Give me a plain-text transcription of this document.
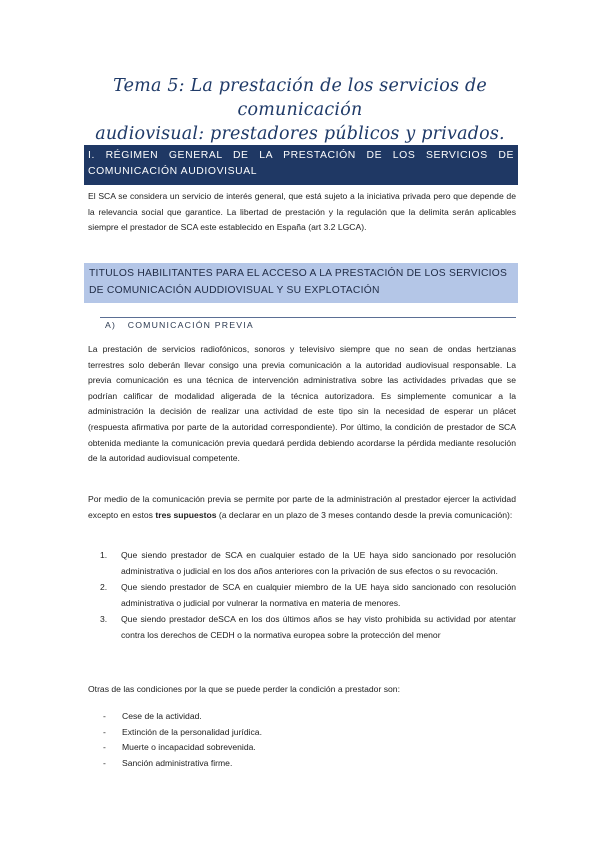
Tema 5: La prestación de los servicios de comunicación
audiovisual: prestadores públicos y privados.
I. RÉGIMEN GENERAL DE LA PRESTACIÓN DE LOS SERVICIOS DE
COMUNICACIÓN AUDIOVISUAL
El SCA se considera un servicio de interés general, que está sujeto a la iniciativa privada pero que depende de la relevancia social que garantice. La libertad de prestación y la regulación que la delimita serán aplicables siempre el prestador de SCA este establecido en España (art 3.2 LGCA).
TITULOS HABILITANTES PARA EL ACCESO A LA PRESTACIÓN DE LOS SERVICIOS
DE COMUNICACIÓN AUDDIOVISUAL Y SU EXPLOTACIÓN
A) COMUNICACIÓN PREVIA
La prestación de servicios radiofónicos, sonoros y televisivo siempre que no sean de ondas hertzianas terrestres solo deberán llevar consigo una previa comunicación a la autoridad audiovisual responsable. La previa comunicación es una técnica de intervención administrativa sobre las actividades privadas que se podrían calificar de modalidad aligerada de la técnica autorizadora. Es simplemente comunicar a la administración la decisión de realizar una actividad de este tipo sin la necesidad de esperar un plácet (respuesta afirmativa por parte de la autoridad correspondiente). Por último, la condición de prestador de SCA obtenida mediante la comunicación previa quedará perdida debiendo acordarse la pérdida mediante resolución de la autoridad audiovisual competente.
Por medio de la comunicación previa se permite por parte de la administración al prestador ejercer la actividad excepto en estos tres supuestos (a declarar en un plazo de 3 meses contando desde la previa comunicación):
1. Que siendo prestador de SCA en cualquier estado de la UE haya sido sancionado por resolución administrativa o judicial en los dos años anteriores con la privación de sus efectos o su revocación.
2. Que siendo prestador de SCA en cualquier miembro de la UE haya sido sancionado con resolución administrativa o judicial por vulnerar la normativa en materia de menores.
3. Que siendo prestador deSCA en los dos últimos años se hay visto prohibida su actividad por atentar contra los derechos de CEDH o la normativa europea sobre la protección del menor
Otras de las condiciones por la que se puede perder la condición a prestador son:
- Cese de la actividad.
- Extinción de la personalidad jurídica.
- Muerte o incapacidad sobrevenida.
- Sanción administrativa firme.
